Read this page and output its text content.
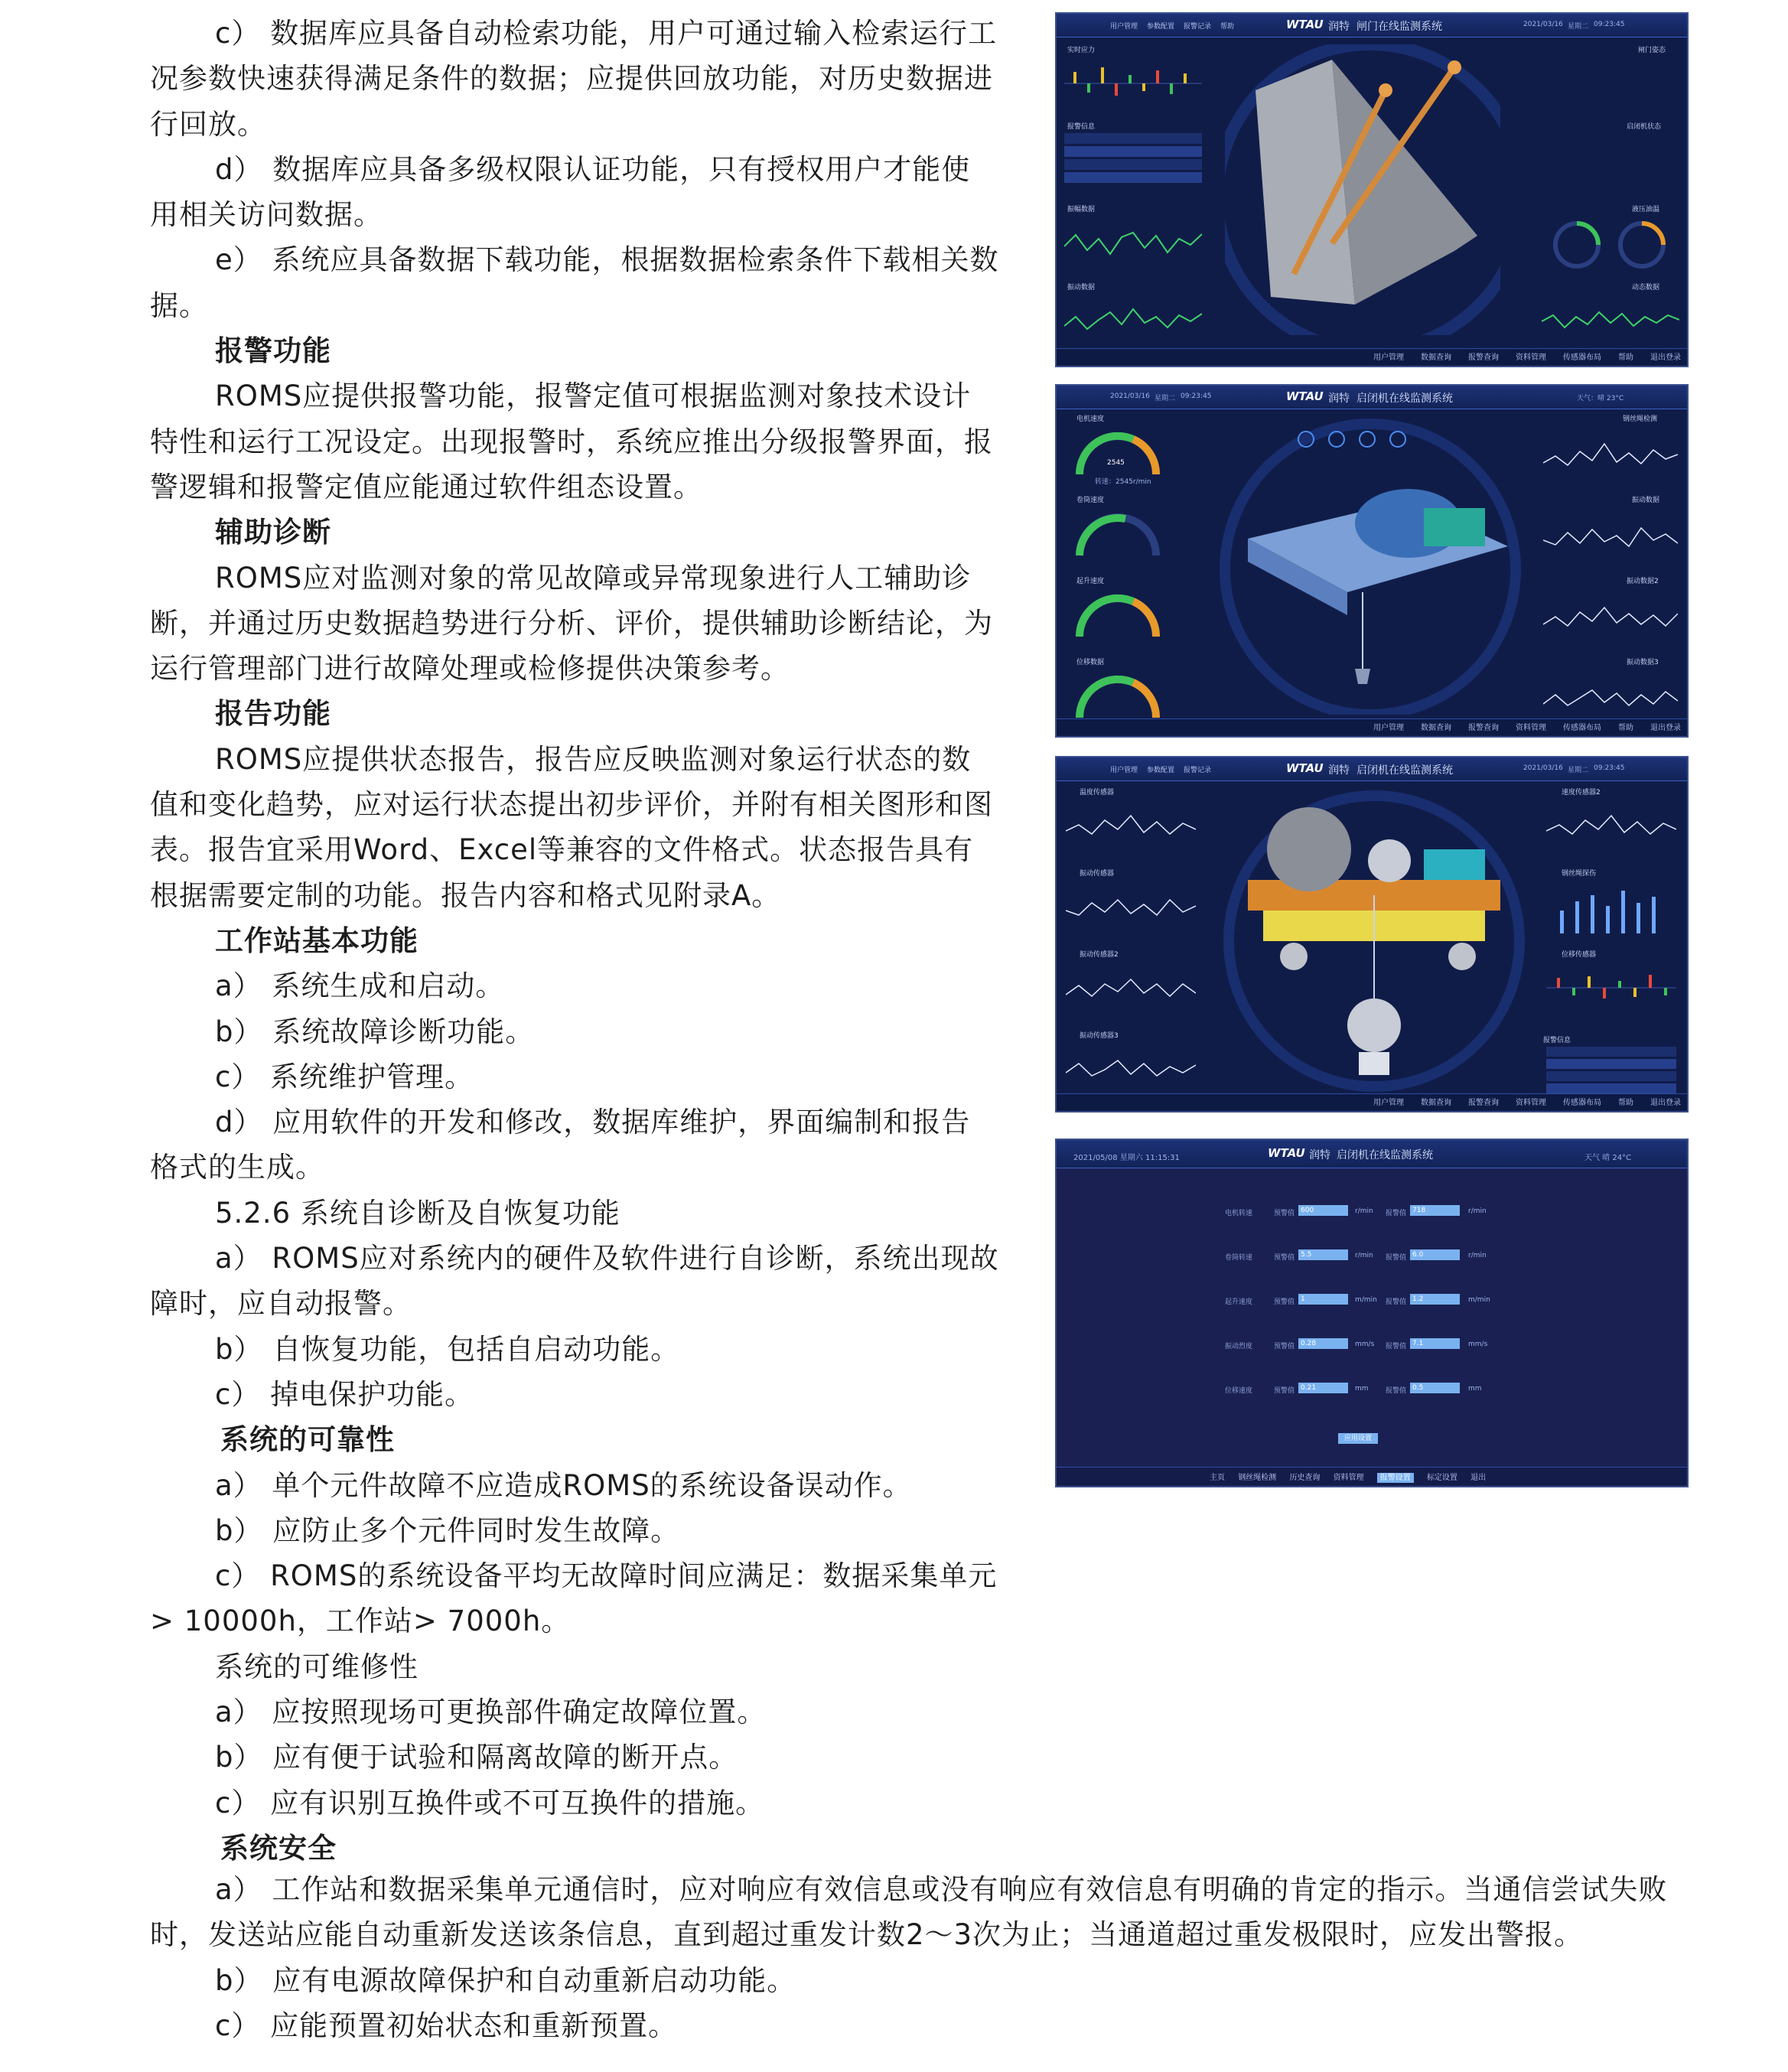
c） 数据库应具备自动检索功能，用户可通过输入检索运行工况参数快速获得满足条件的数据；应提供回放功能，对历史数据进行回放。

d） 数据库应具备多级权限认证功能，只有授权用户才能使用相关访问数据。

e） 系统应具备数据下载功能，根据数据检索条件下载相关数据。

报警功能

ROMS应提供报警功能，报警定值可根据监测对象技术设计特性和运行工况设定。出现报警时，系统应推出分级报警界面，报警逻辑和报警定值应能通过软件组态设置。

辅助诊断

ROMS应对监测对象的常见故障或异常现象进行人工辅助诊断，并通过历史数据趋势进行分析、评价，提供辅助诊断结论，为运行管理部门进行故障处理或检修提供决策参考。

报告功能

ROMS应提供状态报告，报告应反映监测对象运行状态的数值和变化趋势，应对运行状态提出初步评价，并附有相关图形和图表。报告宜采用Word、Excel等兼容的文件格式。状态报告具有根据需要定制的功能。报告内容和格式见附录A。

工作站基本功能

a） 系统生成和启动。

b） 系统故障诊断功能。

c） 系统维护管理。

d） 应用软件的开发和修改，数据库维护，界面编制和报告格式的生成。

5.2.6 系统自诊断及自恢复功能

a） ROMS应对系统内的硬件及软件进行自诊断，系统出现故障时，应自动报警。

b） 自恢复功能，包括自启动功能。

c） 掉电保护功能。

系统的可靠性

a） 单个元件故障不应造成ROMS的系统设备误动作。

b） 应防止多个元件同时发生故障。

c） ROMS的系统设备平均无故障时间应满足：数据采集单元> 10000h，工作站> 7000h。

系统的可维修性

a） 应按照现场可更换部件确定故障位置。

b） 应有便于试验和隔离故障的断开点。

c） 应有识别互换件或不可互换件的措施。

系统安全

a） 工作站和数据采集单元通信时，应对响应有效信息或没有响应有效信息有明确的肯定的指示。当通信尝试失败时，发送站应能自动重新发送该条信息，直到超过重发计数2～3次为止；当通道超过重发极限时，应发出警报。

b） 应有电源故障保护和自动重新启动功能。

c） 应能预置初始状态和重新预置。

用户管理 参数配置 报警记录 帮助	WTAU 润特 闸门在线监测系统	2021/03/16 星期二 09:23:45
实时应力
报警信息
振幅数据
振动数据
闸门姿态
启闭机状态
液压油温
动态数据
用户管理 数据查询 报警查询 资料管理 传感器布局 帮助 退出登录
2021/03/16 星期二 09:23:45	WTAU 润特 启闭机在线监测系统	天气：晴 23°C
电机速度
卷筒速度
起升速度
位移数据
钢丝绳检测
振动数据
振动数据2
振动数据3
2545
转速：2545r/min
用户管理 数据查询 报警查询 资料管理 传感器布局 帮助 退出登录
用户管理 参数配置 报警记录	WTAU 润特 启闭机在线监测系统	2021/03/16 星期二 09:23:45
温度传感器
振动传感器
振动传感器2
振动传感器3
速度传感器2
钢丝绳探伤
位移传感器
报警信息
用户管理 数据查询 报警查询 资料管理 传感器布局 帮助 退出登录
2021/05/08 星期六 11:15:31	WTAU 润特 启闭机在线监测系统	天气 晴 24°C
电机转速	预警值 600	r/min 报警值 718	r/min
卷筒转速	预警值 5.5	r/min 报警值 6.0	r/min
起升速度	预警值 1	m/min 报警值 1.2	m/min
振动烈度	预警值 0.28	mm/s 报警值 7.1	mm/s
位移速度	预警值 0.21	mm 报警值 0.5	mm
应用设置
主页 钢丝绳检测 历史查询 资料管理 报警设置 标定设置 退出
